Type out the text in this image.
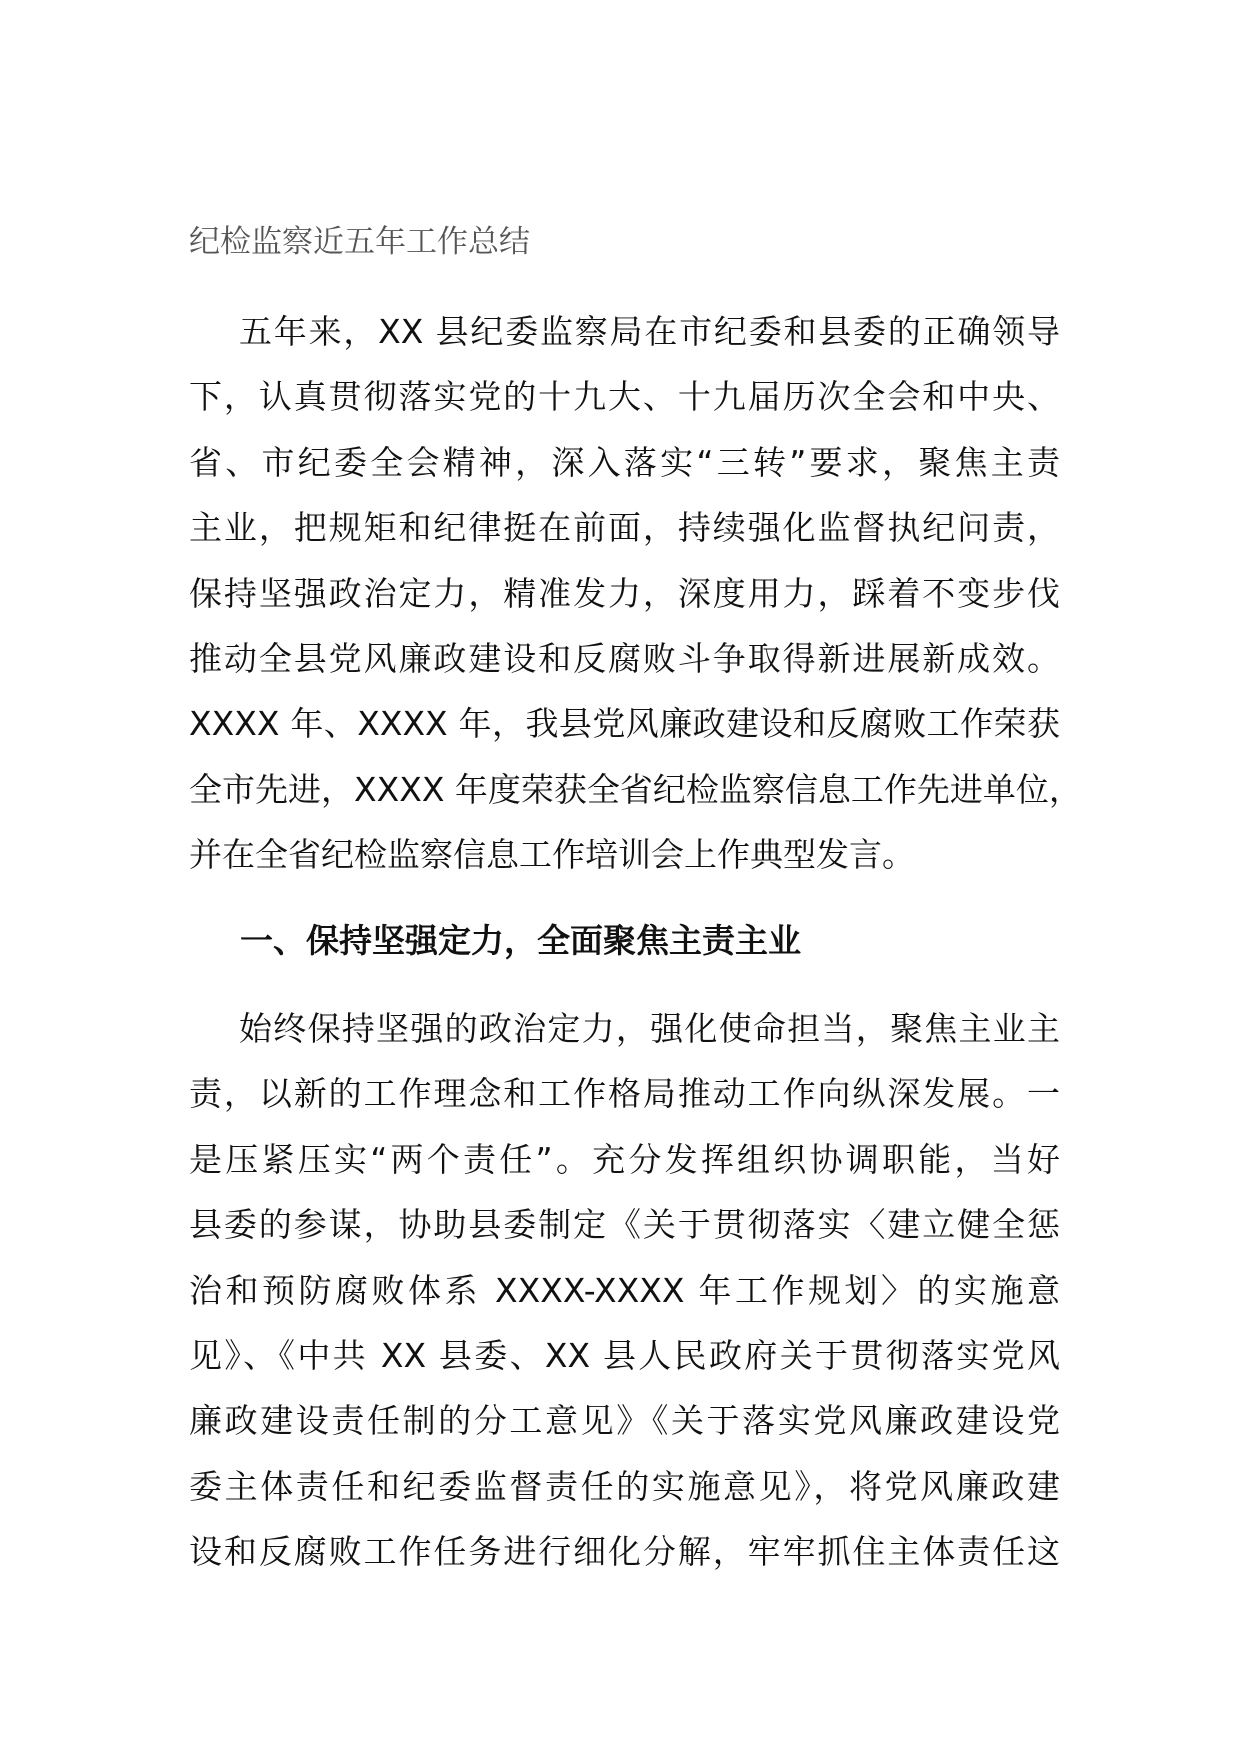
纪检监察近五年工作总结
五年来，XX 县纪委监察局在市纪委和县委的正确领导
下，认真贯彻落实党的十九大、十九届历次全会和中央、
省、市纪委全会精神，深入落实“三转”要求，聚焦主责
主业，把规矩和纪律挺在前面，持续强化监督执纪问责，
保持坚强政治定力，精准发力，深度用力，踩着不变步伐
推动全县党风廉政建设和反腐败斗争取得新进展新成效。
XXXX 年、XXXX 年，我县党风廉政建设和反腐败工作荣获
全市先进，XXXX 年度荣获全省纪检监察信息工作先进单位，
并在全省纪检监察信息工作培训会上作典型发言。
一、保持坚强定力，全面聚焦主责主业
始终保持坚强的政治定力，强化使命担当，聚焦主业主
责，以新的工作理念和工作格局推动工作向纵深发展。一
是压紧压实“两个责任”。充分发挥组织协调职能，当好
县委的参谋，协助县委制定《关于贯彻落实〈建立健全惩
治和预防腐败体系 XXXX-XXXX 年工作规划〉的实施意
见》、《中共 XX 县委、XX 县人民政府关于贯彻落实党风
廉政建设责任制的分工意见》《关于落实党风廉政建设党
委主体责任和纪委监督责任的实施意见》，将党风廉政建
设和反腐败工作任务进行细化分解，牢牢抓住主体责任这
